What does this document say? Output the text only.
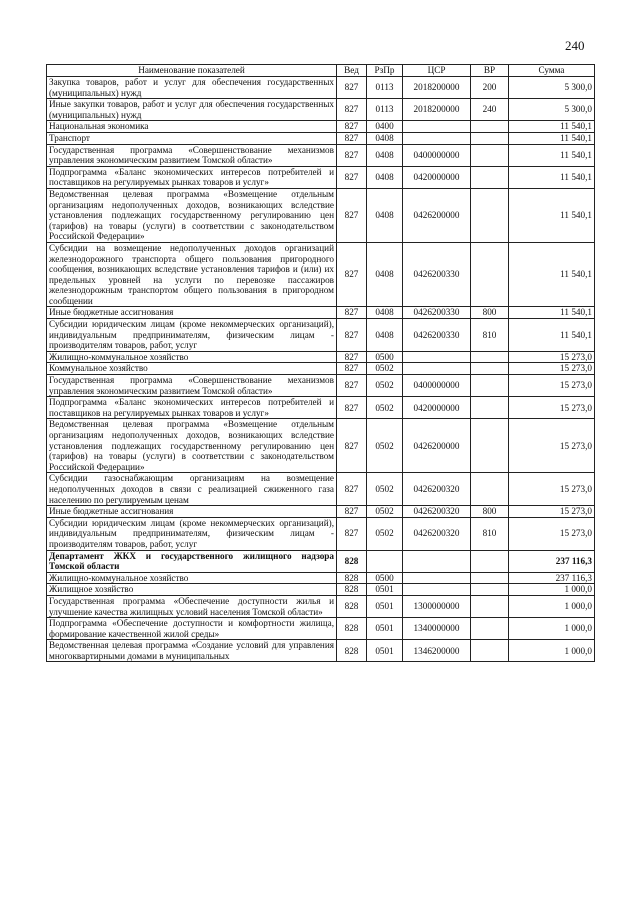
240
Наименование показателей	Вед	РзПр	ЦСР	ВР	Сумма
Закупка товаров, работ и услуг для обеспечения государственных (муниципальных) нужд	827	0113	2018200000	200	5 300,0
Иные закупки товаров, работ и услуг для обеспечения государственных (муниципальных) нужд	827	0113	2018200000	240	5 300,0
Национальная экономика	827	0400			11 540,1
Транспорт	827	0408			11 540,1
Государственная программа «Совершенствование механизмов управления экономическим развитием Томской области»	827	0408	0400000000		11 540,1
Подпрограмма «Баланс экономических интересов потребителей и поставщиков на регулируемых рынках товаров и услуг»	827	0408	0420000000		11 540,1
Ведомственная целевая программа «Возмещение отдельным организациям недополученных доходов, возникающих вследствие установления подлежащих государственному регулированию цен (тарифов) на товары (услуги) в соответствии с законодательством Российской Федерации»	827	0408	0426200000		11 540,1
Субсидии на возмещение недополученных доходов организаций железнодорожного транспорта общего пользования пригородного сообщения, возникающих вследствие установления тарифов и (или) их предельных уровней на услуги по перевозке пассажиров железнодорожным транспортом общего пользования в пригородном сообщении	827	0408	0426200330		11 540,1
Иные бюджетные ассигнования	827	0408	0426200330	800	11 540,1
Субсидии юридическим лицам (кроме некоммерческих организаций), индивидуальным предпринимателям, физическим лицам - производителям товаров, работ, услуг	827	0408	0426200330	810	11 540,1
Жилищно-коммунальное хозяйство	827	0500			15 273,0
Коммунальное хозяйство	827	0502			15 273,0
Государственная программа «Совершенствование механизмов управления экономическим развитием Томской области»	827	0502	0400000000		15 273,0
Подпрограмма «Баланс экономических интересов потребителей и поставщиков на регулируемых рынках товаров и услуг»	827	0502	0420000000		15 273,0
Ведомственная целевая программа «Возмещение отдельным организациям недополученных доходов, возникающих вследствие установления подлежащих государственному регулированию цен (тарифов) на товары (услуги) в соответствии с законодательством Российской Федерации»	827	0502	0426200000		15 273,0
Субсидии газоснабжающим организациям на возмещение недополученных доходов в связи с реализацией сжиженного газа населению по регулируемым ценам	827	0502	0426200320		15 273,0
Иные бюджетные ассигнования	827	0502	0426200320	800	15 273,0
Субсидии юридическим лицам (кроме некоммерческих организаций), индивидуальным предпринимателям, физическим лицам - производителям товаров, работ, услуг	827	0502	0426200320	810	15 273,0
Департамент ЖКХ и государственного жилищного надзора Томской области	828				237 116,3
Жилищно-коммунальное хозяйство	828	0500			237 116,3
Жилищное хозяйство	828	0501			1 000,0
Государственная программа «Обеспечение доступности жилья и улучшение качества жилищных условий населения Томской области»	828	0501	1300000000		1 000,0
Подпрограмма «Обеспечение доступности и комфортности жилища, формирование качественной жилой среды»	828	0501	1340000000		1 000,0
Ведомственная целевая программа «Создание условий для управления многоквартирными домами в муниципальных	828	0501	1346200000		1 000,0
